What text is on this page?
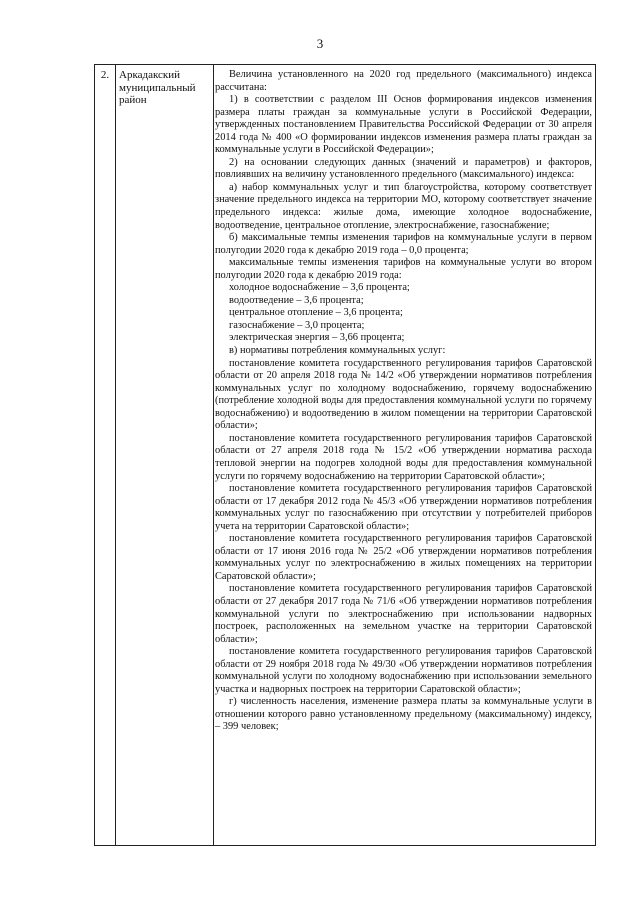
3
2. Аркадакский
муниципальный
район

Величина установленного на 2020 год предельного (максимального) индекса рассчитана:

1) в соответствии с разделом III Основ формирования индексов изменения размера платы граждан за коммунальные услуги в Российской Федерации, утвержденных постановлением Правительства Российской Федерации от 30 апреля 2014 года № 400 «О формировании индексов изменения размера платы граждан за коммунальные услуги в Российской Федерации»;

2) на основании следующих данных (значений и параметров) и факторов, повлиявших на величину установленного предельного (максимального) индекса:

а) набор коммунальных услуг и тип благоустройства, которому соответствует значение предельного индекса на территории МО, которому соответствует значение предельного индекса: жилые дома, имеющие холодное водоснабжение, водоотведение, центральное отопление, электроснабжение, газоснабжение;

б) максимальные темпы изменения тарифов на коммунальные услуги в первом полугодии 2020 года к декабрю 2019 года – 0,0 процента;

максимальные темпы изменения тарифов на коммунальные услуги во втором полугодии 2020 года к декабрю 2019 года:

холодное водоснабжение – 3,6 процента;

водоотведение – 3,6 процента;

центральное отопление – 3,6 процента;

газоснабжение – 3,0 процента;

электрическая энергия – 3,66 процента;

в) нормативы потребления коммунальных услуг:

постановление комитета государственного регулирования тарифов Саратовской области от 20 апреля 2018 года № 14/2 «Об утверждении нормативов потребления коммунальных услуг по холодному водоснабжению, горячему водоснабжению (потребление холодной воды для предоставления коммунальной услуги по горячему водоснабжению) и водоотведению в жилом помещении на территории Саратовской области»;

постановление комитета государственного регулирования тарифов Саратовской области от 27 апреля 2018 года № 15/2 «Об утверждении норматива расхода тепловой энергии на подогрев холодной воды для предоставления коммунальной услуги по горячему водоснабжению на территории Саратовской области»;

постановление комитета государственного регулирования тарифов Саратовской области от 17 декабря 2012 года № 45/3 «Об утверждении нормативов потребления коммунальных услуг по газоснабжению при отсутствии у потребителей приборов учета на территории Саратовской области»;

постановление комитета государственного регулирования тарифов Саратовской области от 17 июня 2016 года № 25/2 «Об утверждении нормативов потребления коммунальных услуг по электроснабжению в жилых помещениях на территории Саратовской области»;

постановление комитета государственного регулирования тарифов Саратовской области от 27 декабря 2017 года № 71/6 «Об утверждении нормативов потребления коммунальной услуги по электроснабжению при использовании надворных построек, расположенных на земельном участке на территории Саратовской области»;

постановление комитета государственного регулирования тарифов Саратовской области от 29 ноября 2018 года № 49/30 «Об утверждении нормативов потребления коммунальной услуги по холодному водоснабжению при использовании земельного участка и надворных построек на территории Саратовской области»;

г) численность населения, изменение размера платы за коммунальные услуги в отношении которого равно установленному предельному (максимальному) индексу, – 399 человек;
